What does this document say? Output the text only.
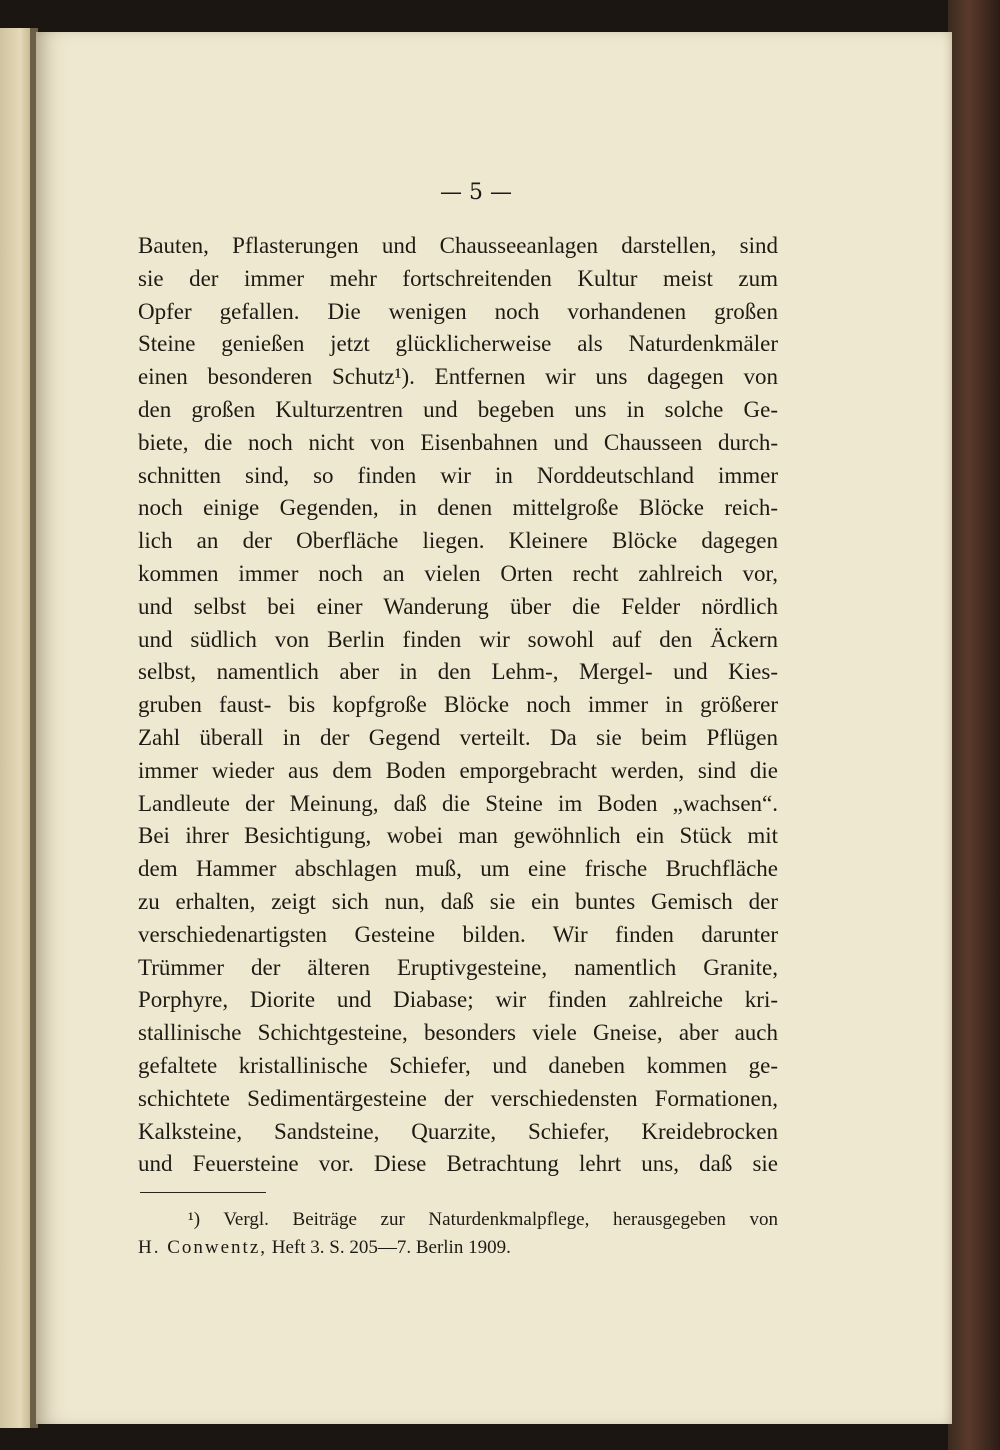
— 5 —
Bauten, Pflasterungen und Chausseeanlagen darstellen, sind
sie der immer mehr fortschreitenden Kultur meist zum
Opfer gefallen. Die wenigen noch vorhandenen großen
Steine genießen jetzt glücklicherweise als Naturdenkmäler
einen besonderen Schutz¹). Entfernen wir uns dagegen von
den großen Kulturzentren und begeben uns in solche Ge-
biete, die noch nicht von Eisenbahnen und Chausseen durch-
schnitten sind, so finden wir in Norddeutschland immer
noch einige Gegenden, in denen mittelgroße Blöcke reich-
lich an der Oberfläche liegen. Kleinere Blöcke dagegen
kommen immer noch an vielen Orten recht zahlreich vor,
und selbst bei einer Wanderung über die Felder nördlich
und südlich von Berlin finden wir sowohl auf den Äckern
selbst, namentlich aber in den Lehm-, Mergel- und Kies-
gruben faust- bis kopfgroße Blöcke noch immer in größerer
Zahl überall in der Gegend verteilt. Da sie beim Pflügen
immer wieder aus dem Boden emporgebracht werden, sind die
Landleute der Meinung, daß die Steine im Boden „wachsen“.
Bei ihrer Besichtigung, wobei man gewöhnlich ein Stück mit
dem Hammer abschlagen muß, um eine frische Bruchfläche
zu erhalten, zeigt sich nun, daß sie ein buntes Gemisch der
verschiedenartigsten Gesteine bilden. Wir finden darunter
Trümmer der älteren Eruptivgesteine, namentlich Granite,
Porphyre, Diorite und Diabase; wir finden zahlreiche kri-
stallinische Schichtgesteine, besonders viele Gneise, aber auch
gefaltete kristallinische Schiefer, und daneben kommen ge-
schichtete Sedimentärgesteine der verschiedensten Formationen,
Kalksteine, Sandsteine, Quarzite, Schiefer, Kreidebrocken
und Feuersteine vor. Diese Betrachtung lehrt uns, daß sie
¹) Vergl. Beiträge zur Naturdenkmalpflege, herausgegeben von
H. Conwentz, Heft 3. S. 205—7. Berlin 1909.
